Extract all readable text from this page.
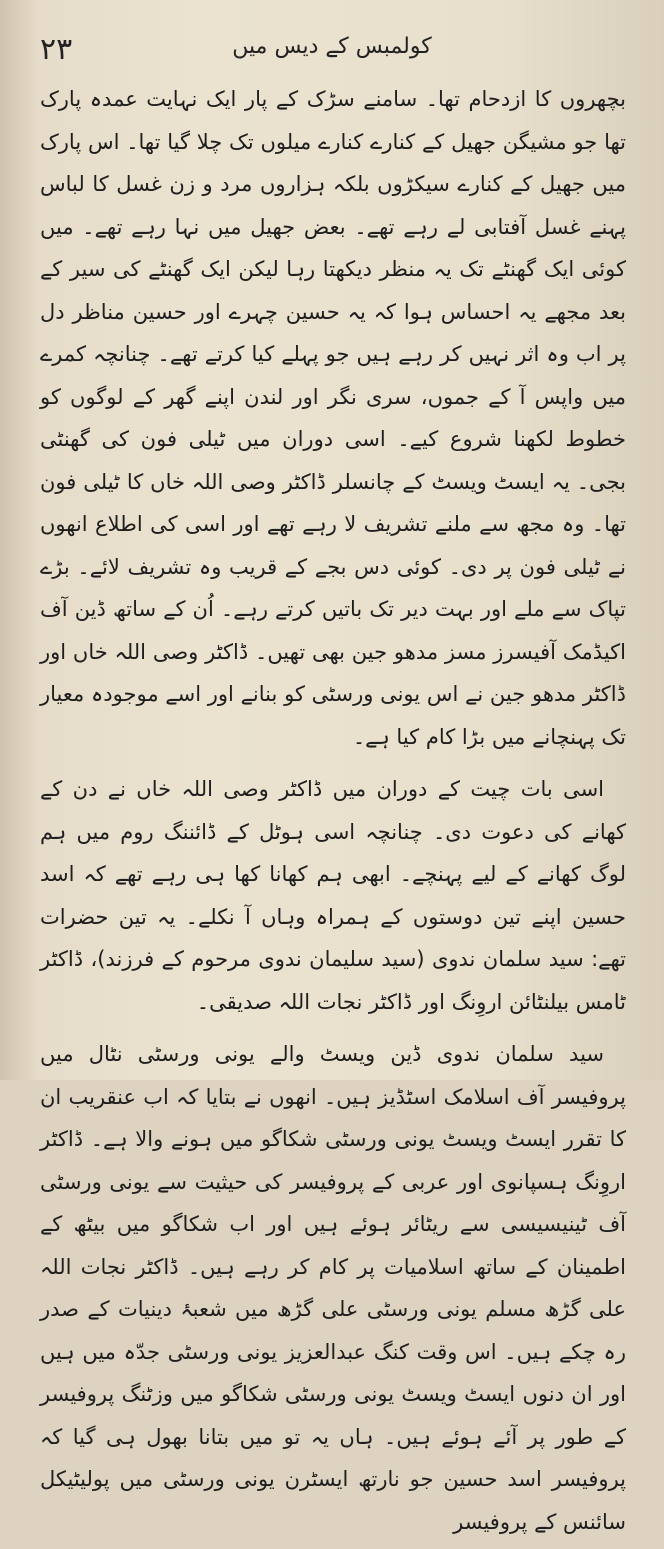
۲۳	کولمبس کے دیس میں

بچھروں کا ازدحام تھا۔ سامنے سڑک کے پار ایک نہایت عمدہ پارک تھا جو مشیگن جھیل کے کنارے کنارے میلوں تک چلا گیا تھا۔ اس پارک میں جھیل کے کنارے سیکڑوں بلکہ ہزاروں مرد و زن غسل کا لباس پہنے غسل آفتابی لے رہے تھے۔ بعض جھیل میں نہا رہے تھے۔ میں کوئی ایک گھنٹے تک یہ منظر دیکھتا رہا لیکن ایک گھنٹے کی سیر کے بعد مجھے یہ احساس ہوا کہ یہ حسین چہرے اور حسین مناظر دل پر اب وہ اثر نہیں کر رہے ہیں جو پہلے کیا کرتے تھے۔ چنانچہ کمرے میں واپس آ کے جموں، سری نگر اور لندن اپنے گھر کے لوگوں کو خطوط لکھنا شروع کیے۔ اسی دوران میں ٹیلی فون کی گھنٹی بجی۔ یہ ایسٹ ویسٹ کے چانسلر ڈاکٹر وصی اللہ خاں کا ٹیلی فون تھا۔ وہ مجھ سے ملنے تشریف لا رہے تھے اور اسی کی اطلاع انھوں نے ٹیلی فون پر دی۔ کوئی دس بجے کے قریب وہ تشریف لائے۔ بڑے تپاک سے ملے اور بہت دیر تک باتیں کرتے رہے۔ اُن کے ساتھ ڈین آف اکیڈمک آفیسرز مسز مدھو جین بھی تھیں۔ ڈاکٹر وصی اللہ خاں اور ڈاکٹر مدھو جین نے اس یونی ورسٹی کو بنانے اور اسے موجودہ معیار تک پہنچانے میں بڑا کام کیا ہے۔

اسی بات چیت کے دوران میں ڈاکٹر وصی اللہ خاں نے دن کے کھانے کی دعوت دی۔ چنانچہ اسی ہوٹل کے ڈائننگ روم میں ہم لوگ کھانے کے لیے پہنچے۔ ابھی ہم کھانا کھا ہی رہے تھے کہ اسد حسین اپنے تین دوستوں کے ہمراہ وہاں آ نکلے۔ یہ تین حضرات تھے: سید سلمان ندوی (سید سلیمان ندوی مرحوم کے فرزند)، ڈاکٹر ٹامس بیلنٹائن اروِنگ اور ڈاکٹر نجات اللہ صدیقی۔

سید سلمان ندوی ڈین ویسٹ والے یونی ورسٹی نٹال میں پروفیسر آف اسلامک اسٹڈیز ہیں۔ انھوں نے بتایا کہ اب عنقریب ان کا تقرر ایسٹ ویسٹ یونی ورسٹی شکاگو میں ہونے والا ہے۔ ڈاکٹر اروِنگ ہسپانوی اور عربی کے پروفیسر کی حیثیت سے یونی ورسٹی آف ٹینیسیسی سے ریٹائر ہوئے ہیں اور اب شکاگو میں بیٹھ کے اطمینان کے ساتھ اسلامیات پر کام کر رہے ہیں۔ ڈاکٹر نجات اللہ علی گڑھ مسلم یونی ورسٹی علی گڑھ میں شعبۂ دینیات کے صدر رہ چکے ہیں۔ اس وقت کنگ عبدالعزیز یونی ورسٹی جدّہ میں ہیں اور ان دنوں ایسٹ ویسٹ یونی ورسٹی شکاگو میں وزٹنگ پروفیسر کے طور پر آئے ہوئے ہیں۔ ہاں یہ تو میں بتانا بھول ہی گیا کہ پروفیسر اسد حسین جو نارتھ ایسٹرن یونی ورسٹی میں پولیٹیکل سائنس کے پروفیسر
